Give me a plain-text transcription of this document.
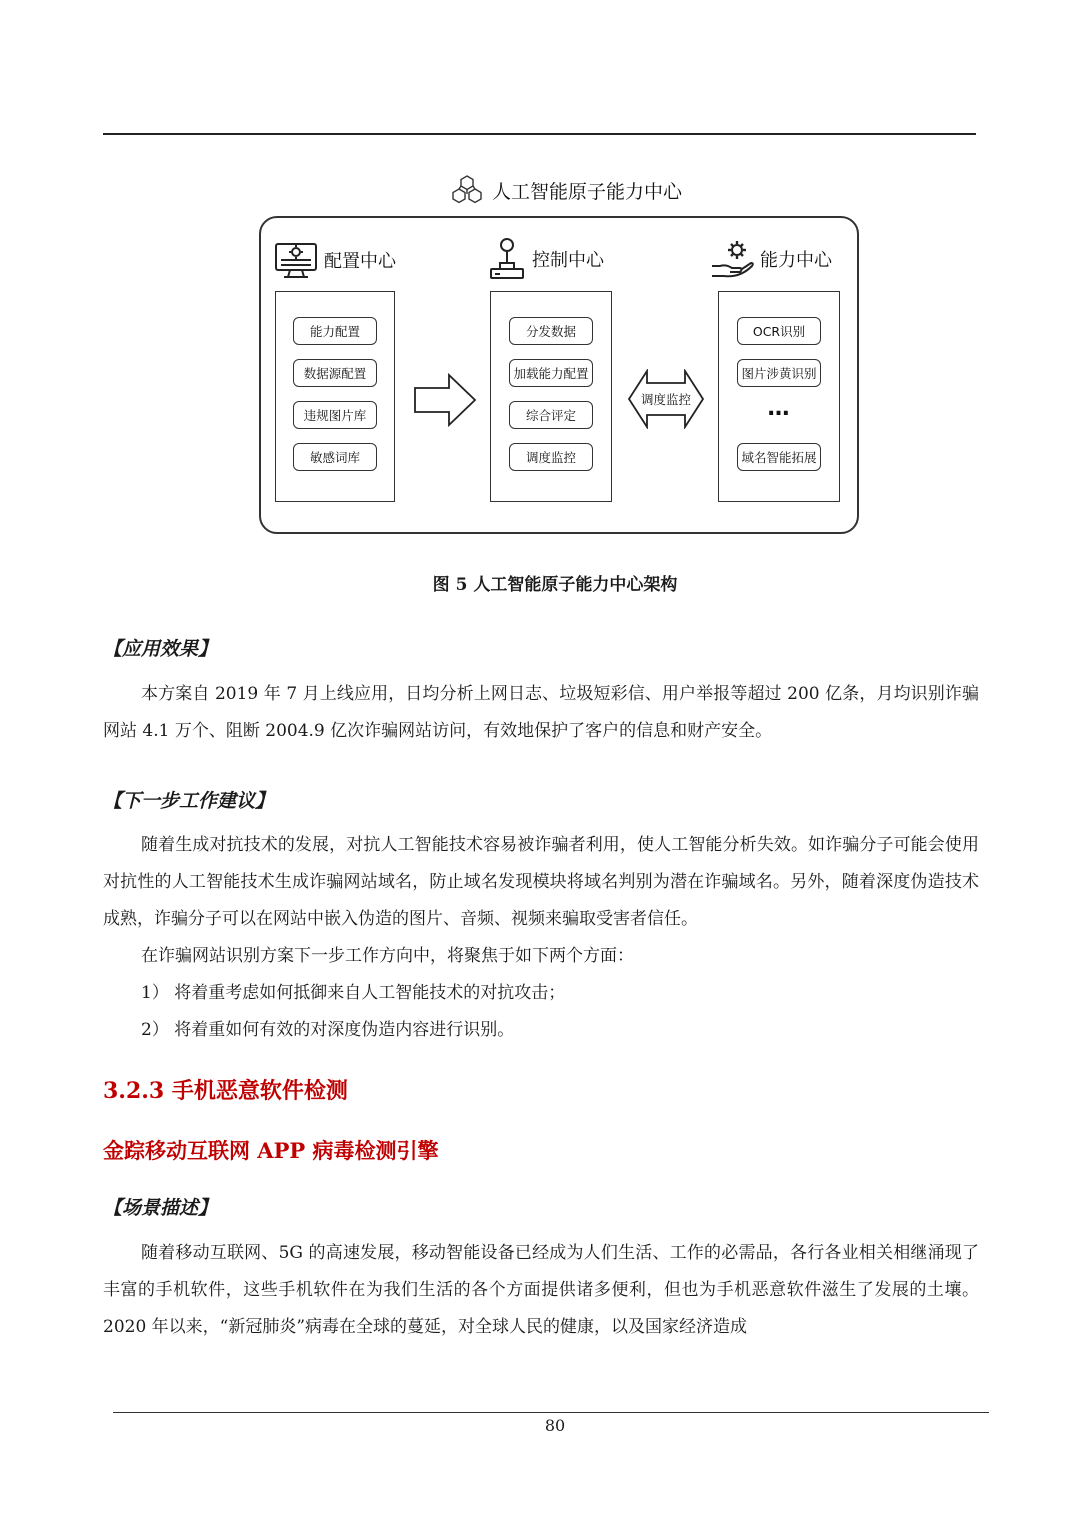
人工智能原子能力中心
配置中心	控制中心	能力中心
能力配置
数据源配置
违规图片库
敏感词库
分发数据
加载能力配置
综合评定
调度监控
调度监控
OCR识别
图片涉黄识别
…
域名智能拓展
图 5 人工智能原子能力中心架构
【应用效果】

本方案自 2019 年 7 月上线应用，日均分析上网日志、垃圾短彩信、用户举报等超过 200 亿条，月均识别诈骗网站 4.1 万个、阻断 2004.9 亿次诈骗网站访问，有效地保护了客户的信息和财产安全。

【下一步工作建议】

随着生成对抗技术的发展，对抗人工智能技术容易被诈骗者利用，使人工智能分析失效。如诈骗分子可能会使用对抗性的人工智能技术生成诈骗网站域名，防止域名发现模块将域名判别为潜在诈骗域名。另外，随着深度伪造技术成熟，诈骗分子可以在网站中嵌入伪造的图片、音频、视频来骗取受害者信任。

在诈骗网站识别方案下一步工作方向中，将聚焦于如下两个方面：

1） 将着重考虑如何抵御来自人工智能技术的对抗攻击；

2） 将着重如何有效的对深度伪造内容进行识别。

3.2.3 手机恶意软件检测
金踪移动互联网 APP 病毒检测引擎
【场景描述】

随着移动互联网、5G 的高速发展，移动智能设备已经成为人们生活、工作的必需品，各行各业相关相继涌现了丰富的手机软件，这些手机软件在为我们生活的各个方面提供诸多便利，但也为手机恶意软件滋生了发展的土壤。2020 年以来，“新冠肺炎”病毒在全球的蔓延，对全球人民的健康，以及国家经济造成

80
